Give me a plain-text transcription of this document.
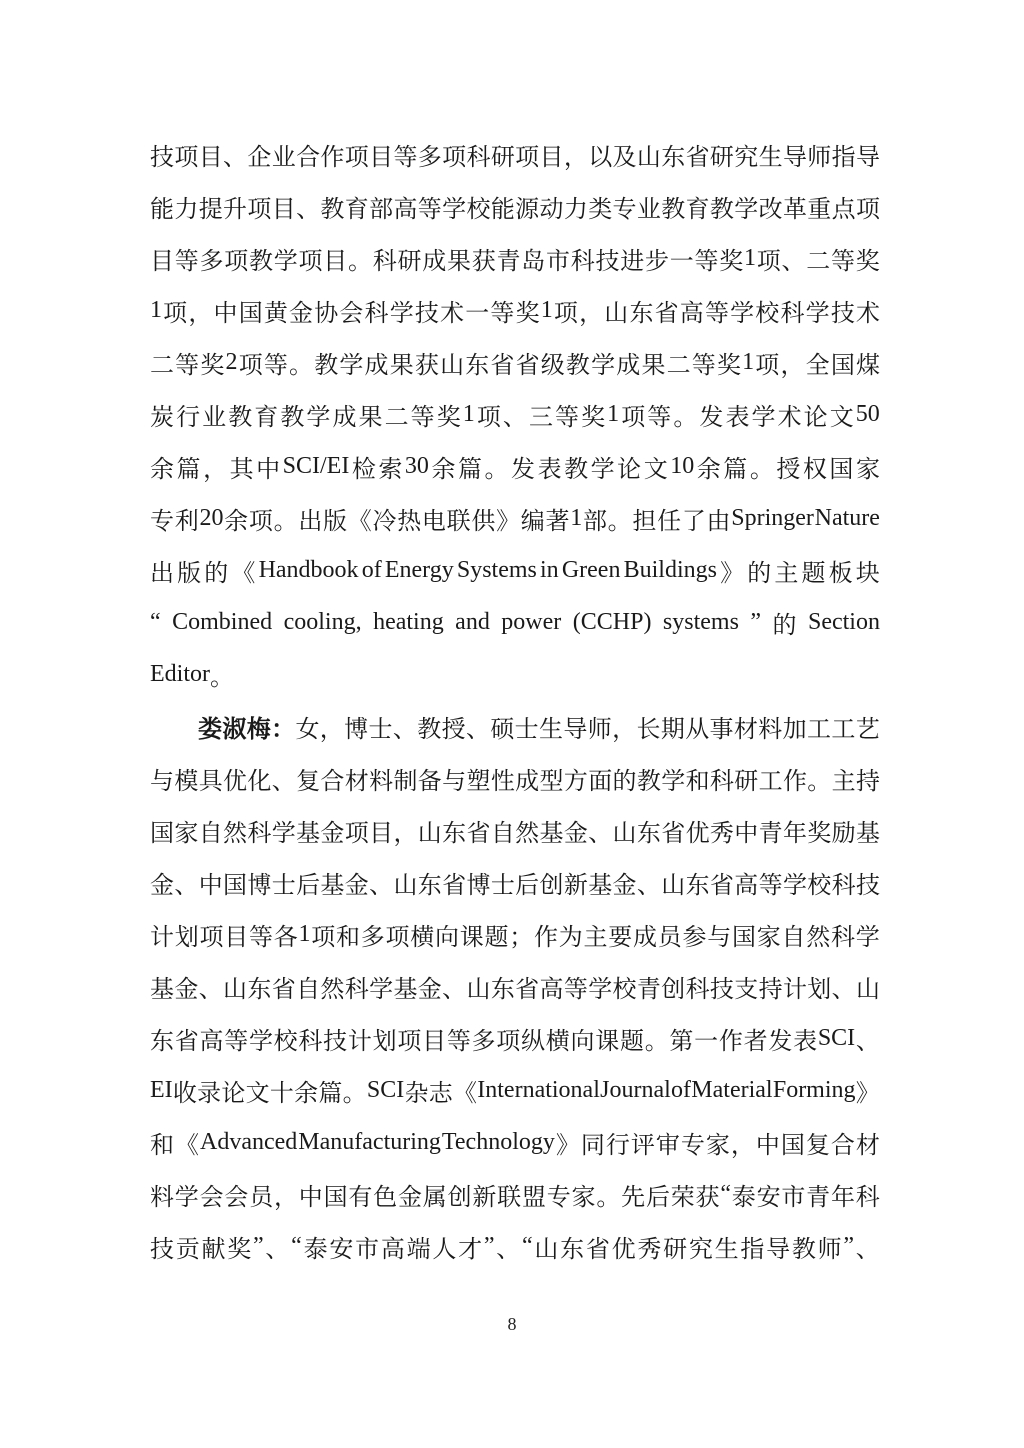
技 项 目 、 企 业 合 作 项 目 等 多 项 科 研 项 目 ， 以 及 山 东 省 研 究 生 导 师 指 导
能 力 提 升 项 目 、 教 育 部 高 等 学 校 能 源 动 力 类 专 业 教 育 教 学 改 革 重 点 项
目 等 多 项 教 学 项 目 。 科 研 成 果 获 青 岛 市 科 技 进 步 一 等 奖 1 项 、 二 等 奖
1 项 ， 中 国 黄 金 协 会 科 学 技 术 一 等 奖 1 项 ， 山 东 省 高 等 学 校 科 学 技 术
二 等 奖 2 项 等 。 教 学 成 果 获 山 东 省 省 级 教 学 成 果 二 等 奖 1 项 ， 全 国 煤
炭 行 业 教 育 教 学 成 果 二 等 奖 1 项 、 三 等 奖 1 项 等 。 发 表 学 术 论 文 50
余 篇 ， 其 中 SCI/EI 检 索 30 余 篇 。 发 表 教 学 论 文 10 余 篇 。 授 权 国 家
专 利 20 余 项 。 出 版 《 冷 热 电 联 供 》 编 著 1 部 。 担 任 了 由 Springer Nature
出 版 的 《 Handbook of Energy Systems in Green Buildings 》 的 主 题 板 块
“ Combined cooling, heating and power (CCHP) systems ” 的 Section
Editor 。
娄 淑 梅 ： 女 ， 博 士 、 教 授 、 硕 士 生 导 师 ， 长 期 从 事 材 料 加 工 工 艺
与 模 具 优 化 、 复 合 材 料 制 备 与 塑 性 成 型 方 面 的 教 学 和 科 研 工 作 。 主 持
国 家 自 然 科 学 基 金 项 目 ， 山 东 省 自 然 基 金 、 山 东 省 优 秀 中 青 年 奖 励 基
金 、 中 国 博 士 后 基 金 、 山 东 省 博 士 后 创 新 基 金 、 山 东 省 高 等 学 校 科 技
计 划 项 目 等 各 1 项 和 多 项 横 向 课 题 ； 作 为 主 要 成 员 参 与 国 家 自 然 科 学
基 金 、 山 东 省 自 然 科 学 基 金 、 山 东 省 高 等 学 校 青 创 科 技 支 持 计 划 、 山
东 省 高 等 学 校 科 技 计 划 项 目 等 多 项 纵 横 向 课 题 。 第 一 作 者 发 表 SCI 、
EI 收 录 论 文 十 余 篇 。 SCI 杂 志 《 International Journal of Material Forming 》
和 《 Advanced Manufacturing Technology 》 同 行 评 审 专 家 ， 中 国 复 合 材
料 学 会 会 员 ， 中 国 有 色 金 属 创 新 联 盟 专 家 。 先 后 荣 获 “ 泰 安 市 青 年 科
技 贡 献 奖 ” 、 “ 泰 安 市 高 端 人 才 ” 、 “ 山 东 省 优 秀 研 究 生 指 导 教 师 ” 、
8
